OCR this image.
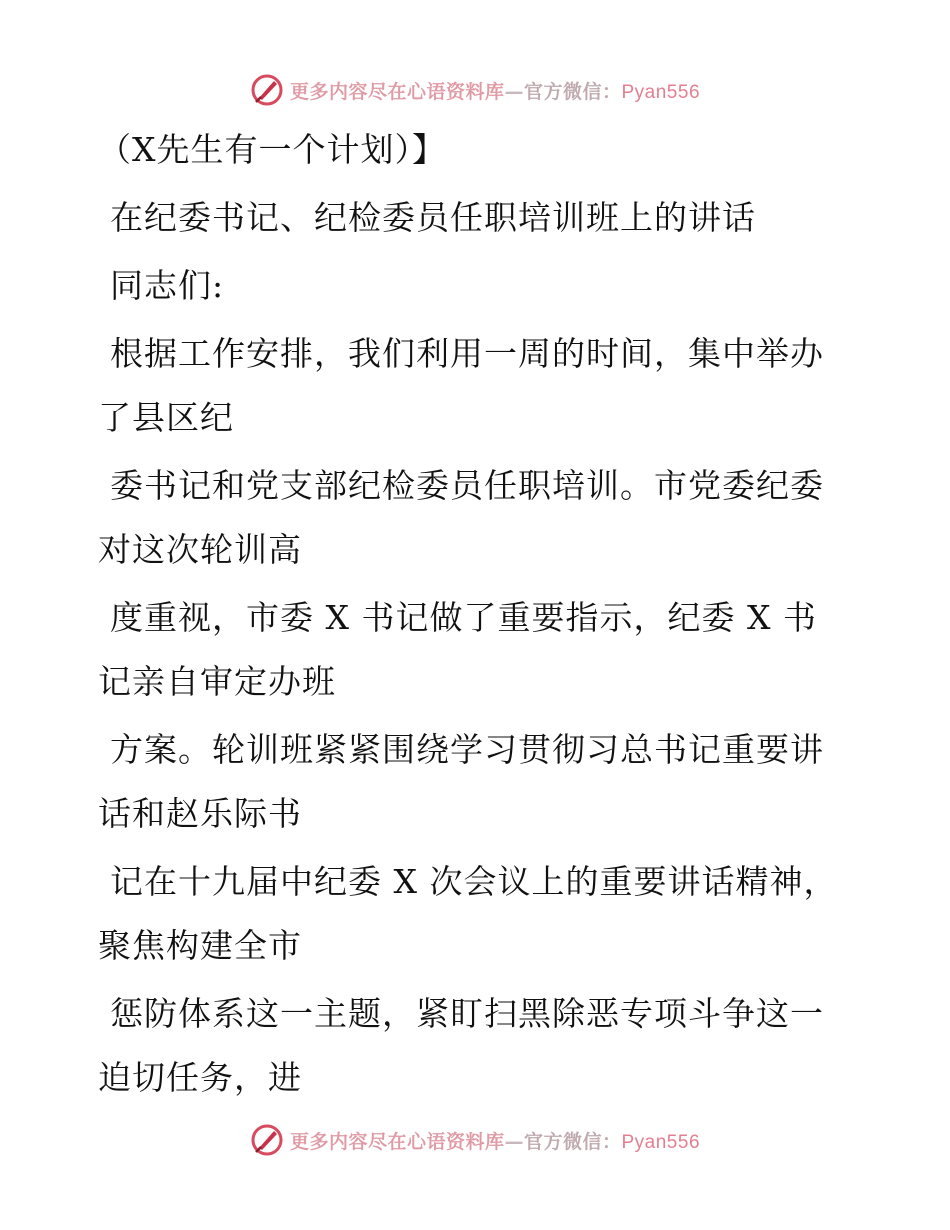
更多内容尽在心语资料库—官方微信：Pyan556
（X先生有一个计划）】
在纪委书记、纪检委员任职培训班上的讲话
同志们:
根据工作安排，我们利用一周的时间，集中举办
了县区纪
委书记和党支部纪检委员任职培训。市党委纪委
对这次轮训高
度重视，市委 X 书记做了重要指示，纪委 X 书
记亲自审定办班
方案。轮训班紧紧围绕学习贯彻习总书记重要讲
话和赵乐际书
记在十九届中纪委 X 次会议上的重要讲话精神，
聚焦构建全市
惩防体系这一主题，紧盯扫黑除恶专项斗争这一
迫切任务，进
更多内容尽在心语资料库—官方微信：Pyan556
